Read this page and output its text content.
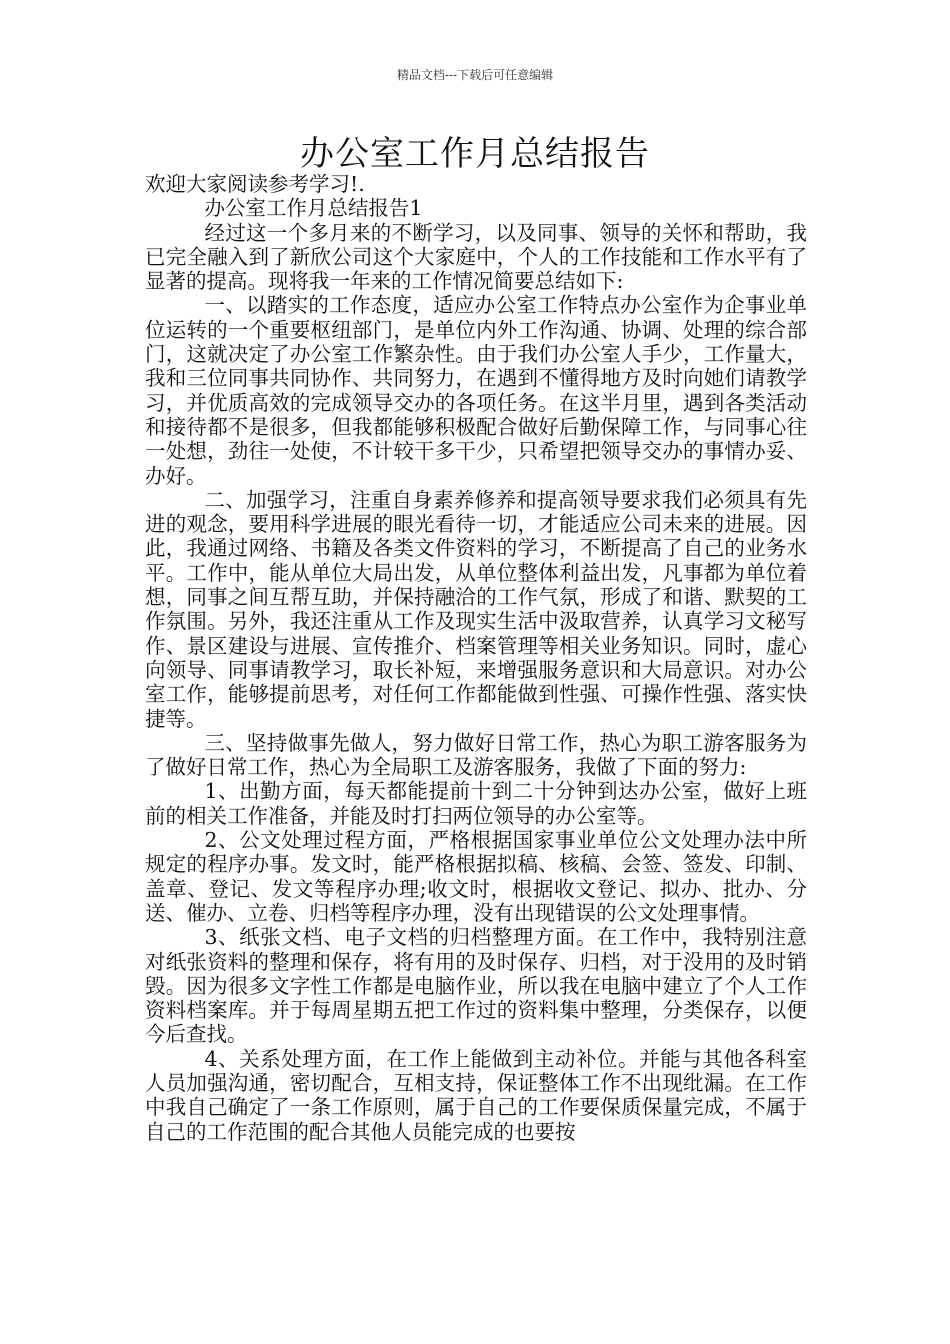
精品文档---下载后可任意编辑
办公室工作月总结报告

欢迎大家阅读参考学习!.

办公室工作月总结报告1

经过这一个多月来的不断学习，以及同事、领导的关怀和帮助，我已完全融入到了新欣公司这个大家庭中，个人的工作技能和工作水平有了显著的提高。现将我一年来的工作情况简要总结如下:

一、以踏实的工作态度，适应办公室工作特点办公室作为企事业单位运转的一个重要枢纽部门，是单位内外工作沟通、协调、处理的综合部门，这就决定了办公室工作繁杂性。由于我们办公室人手少，工作量大，我和三位同事共同协作、共同努力，在遇到不懂得地方及时向她们请教学习，并优质高效的完成领导交办的各项任务。在这半月里，遇到各类活动和接待都不是很多，但我都能够积极配合做好后勤保障工作，与同事心往一处想，劲往一处使，不计较干多干少，只希望把领导交办的事情办妥、办好。

二、加强学习，注重自身素养修养和提高领导要求我们必须具有先进的观念，要用科学进展的眼光看待一切，才能适应公司未来的进展。因此，我通过网络、书籍及各类文件资料的学习，不断提高了自己的业务水平。工作中，能从单位大局出发，从单位整体利益出发，凡事都为单位着想，同事之间互帮互助，并保持融洽的工作气氛，形成了和谐、默契的工作氛围。另外，我还注重从工作及现实生活中汲取营养，认真学习文秘写作、景区建设与进展、宣传推介、档案管理等相关业务知识。同时，虚心向领导、同事请教学习，取长补短，来增强服务意识和大局意识。对办公室工作，能够提前思考，对任何工作都能做到性强、可操作性强、落实快捷等。

三、坚持做事先做人，努力做好日常工作，热心为职工游客服务为了做好日常工作，热心为全局职工及游客服务，我做了下面的努力:

1、出勤方面，每天都能提前十到二十分钟到达办公室，做好上班前的相关工作准备，并能及时打扫两位领导的办公室等。

2、公文处理过程方面，严格根据国家事业单位公文处理办法中所规定的程序办事。发文时，能严格根据拟稿、核稿、会签、签发、印制、盖章、登记、发文等程序办理;收文时，根据收文登记、拟办、批办、分送、催办、立卷、归档等程序办理，没有出现错误的公文处理事情。

3、纸张文档、电子文档的归档整理方面。在工作中，我特别注意对纸张资料的整理和保存，将有用的及时保存、归档，对于没用的及时销毁。因为很多文字性工作都是电脑作业，所以我在电脑中建立了个人工作资料档案库。并于每周星期五把工作过的资料集中整理，分类保存，以便今后查找。

4、关系处理方面，在工作上能做到主动补位。并能与其他各科室人员加强沟通，密切配合，互相支持，保证整体工作不出现纰漏。在工作中我自己确定了一条工作原则，属于自己的工作要保质保量完成，不属于自己的工作范围的配合其他人员能完成的也要按
